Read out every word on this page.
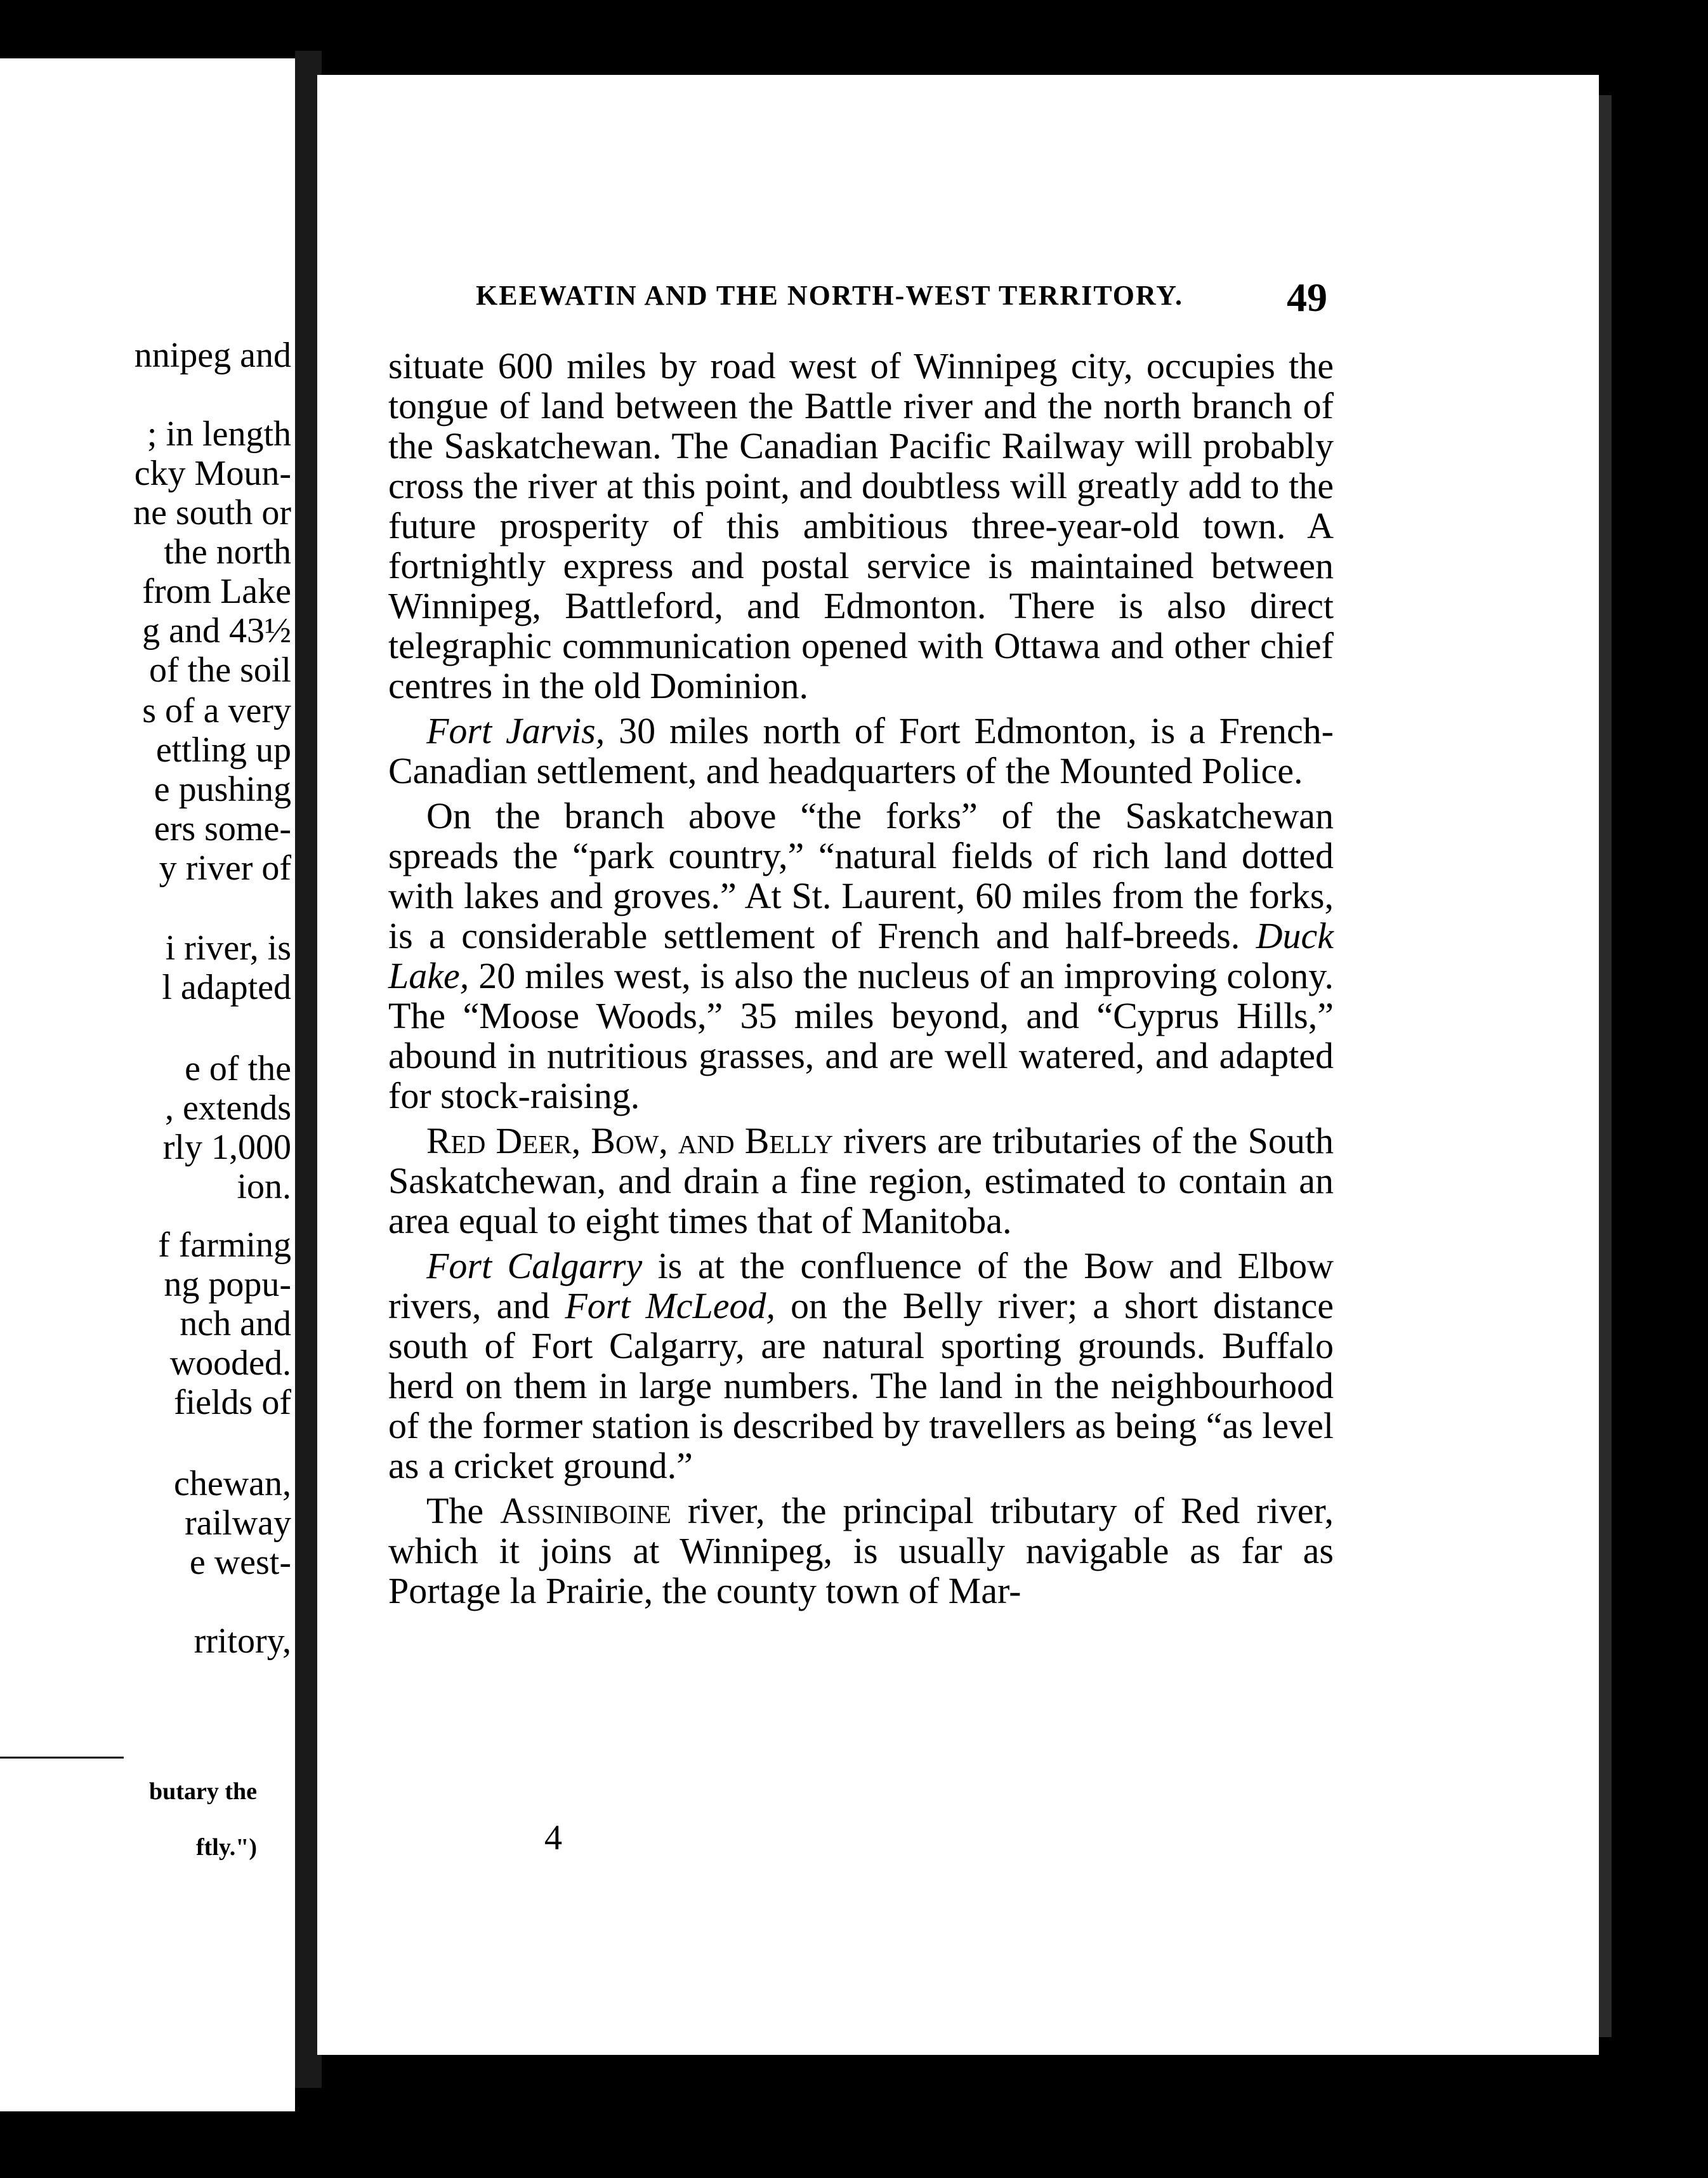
nnipeg and
; in length
cky Moun-
ne south or
the north
from Lake
g and 43½
of the soil
s of a very
ettling up
e pushing
ers some-
y river of
i river, is
l adapted
e of the
, extends
rly 1,000
ion.
f farming
ng popu-
nch and
wooded.
fields of
chewan,
railway
e west-
rritory,
butary the
ftly.")
KEEWATIN AND THE NORTH-WEST TERRITORY.	49

situate 600 miles by road west of Winnipeg city, occupies the tongue of land between the Battle river and the north branch of the Saskatchewan. The Canadian Pacific Railway will probably cross the river at this point, and doubtless will greatly add to the future prosperity of this ambitious three-year-old town. A fortnightly express and postal service is maintained between Winnipeg, Battleford, and Edmonton. There is also direct telegraphic communication opened with Ottawa and other chief centres in the old Dominion.

Fort Jarvis, 30 miles north of Fort Edmonton, is a French-Canadian settlement, and headquarters of the Mounted Police.

On the branch above “the forks” of the Saskatchewan spreads the “park country,” “natural fields of rich land dotted with lakes and groves.” At St. Laurent, 60 miles from the forks, is a considerable settlement of French and half-breeds. Duck Lake, 20 miles west, is also the nucleus of an improving colony. The “Moose Woods,” 35 miles beyond, and “Cyprus Hills,” abound in nutritious grasses, and are well watered, and adapted for stock-raising.

Red Deer, Bow, and Belly rivers are tributaries of the South Saskatchewan, and drain a fine region, estimated to contain an area equal to eight times that of Manitoba.

Fort Calgarry is at the confluence of the Bow and Elbow rivers, and Fort McLeod, on the Belly river; a short distance south of Fort Calgarry, are natural sporting grounds. Buffalo herd on them in large numbers. The land in the neighbourhood of the former station is described by travellers as being “as level as a cricket ground.”

The Assiniboine river, the principal tributary of Red river, which it joins at Winnipeg, is usually navigable as far as Portage la Prairie, the county town of Mar-

4
